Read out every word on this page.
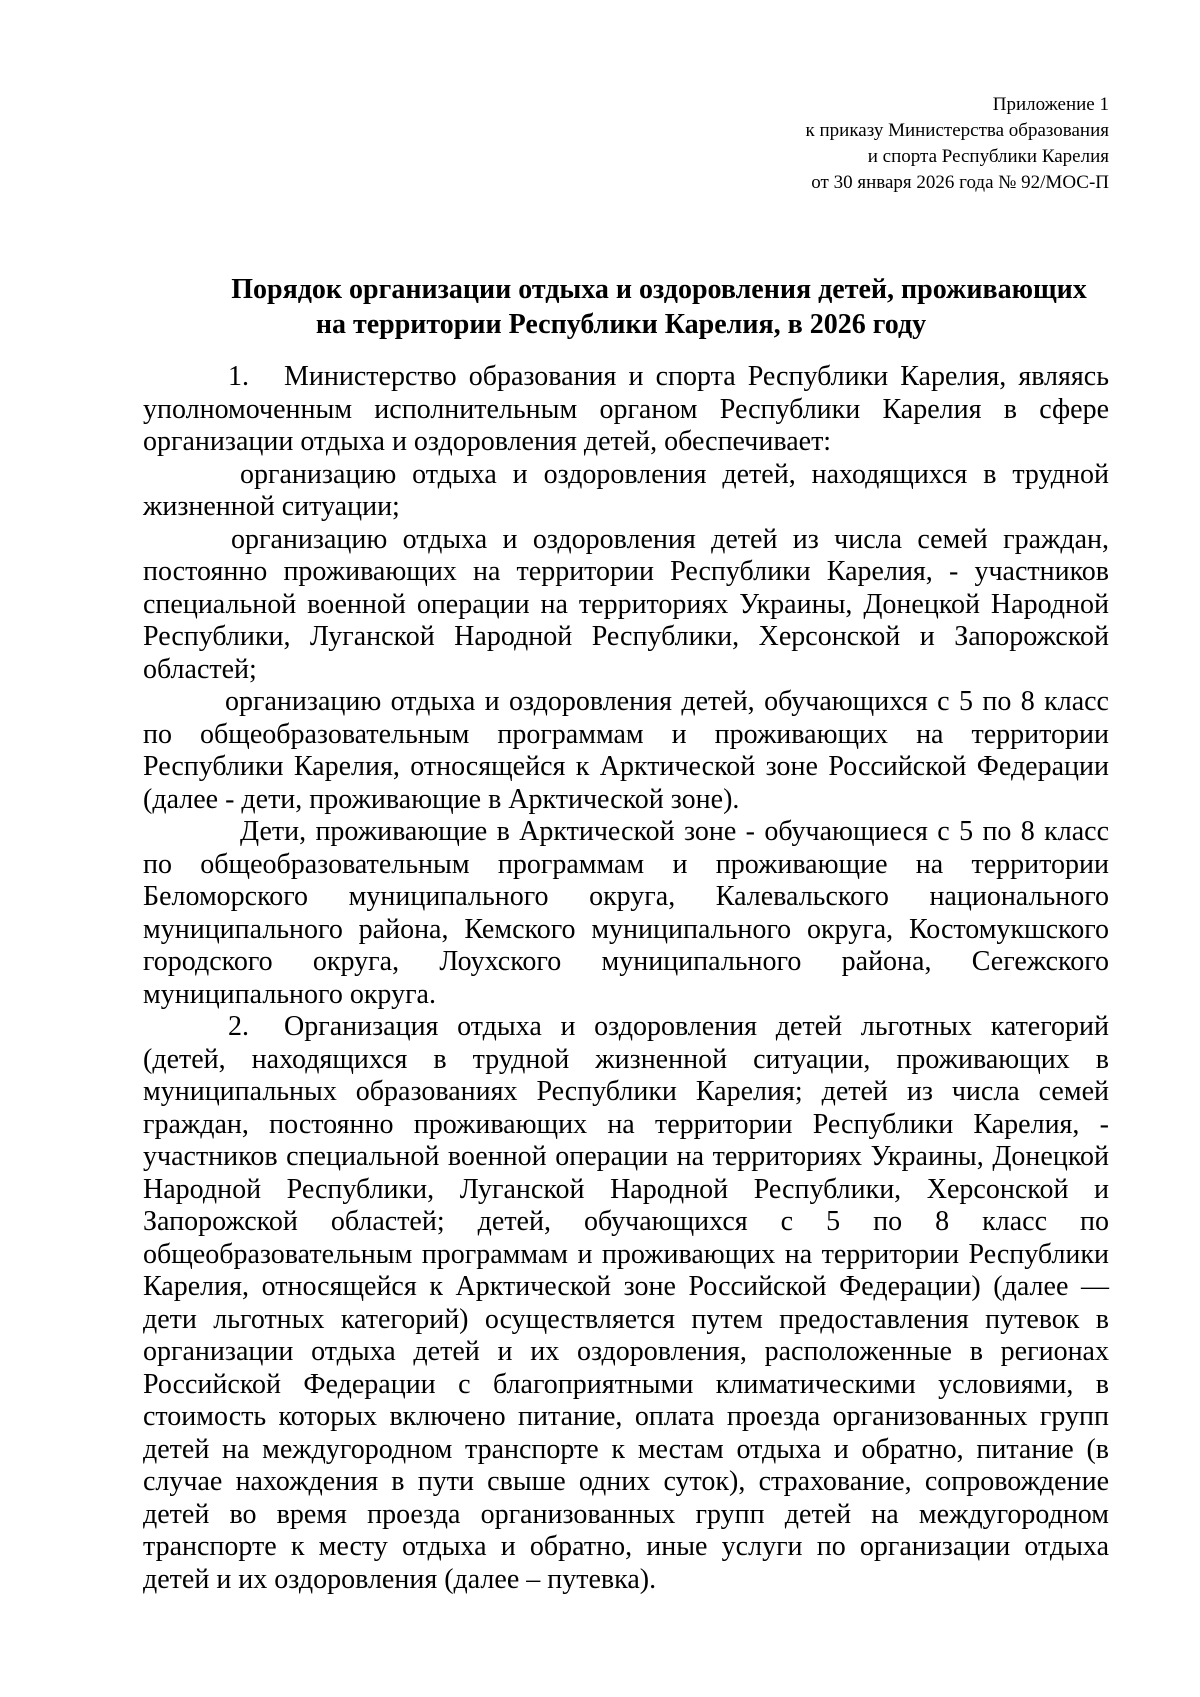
Приложение 1
к приказу Министерства образования
и спорта Республики Карелия
от 30 января 2026 года № 92/МОС-П
Порядок организации отдыха и оздоровления детей, проживающих
на территории Республики Карелия, в 2026 году

1. Министерство образования и спорта Республики Карелия, являясь уполномоченным исполнительным органом Республики Карелия в сфере организации отдыха и оздоровления детей, обеспечивает:

организацию отдыха и оздоровления детей, находящихся в трудной жизненной ситуации;

организацию отдыха и оздоровления детей из числа семей граждан, постоянно проживающих на территории Республики Карелия, - участников специальной военной операции на территориях Украины, Донецкой Народной Республики, Луганской Народной Республики, Херсонской и Запорожской областей;

организацию отдыха и оздоровления детей, обучающихся с 5 по 8 класс по общеобразовательным программам и проживающих на территории Республики Карелия, относящейся к Арктической зоне Российской Федерации (далее - дети, проживающие в Арктической зоне).

Дети, проживающие в Арктической зоне - обучающиеся с 5 по 8 класс по общеобразовательным программам и проживающие на территории Беломорского муниципального округа, Калевальского национального муниципального района, Кемского муниципального округа, Костомукшского городского округа, Лоухского муниципального района, Сегежского муниципального округа.

2. Организация отдыха и оздоровления детей льготных категорий (детей, находящихся в трудной жизненной ситуации, проживающих в муниципальных образованиях Республики Карелия; детей из числа семей граждан, постоянно проживающих на территории Республики Карелия, - участников специальной военной операции на территориях Украины, Донецкой Народной Республики, Луганской Народной Республики, Херсонской и Запорожской областей; детей, обучающихся с 5 по 8 класс по общеобразовательным программам и проживающих на территории Республики Карелия, относящейся к Арктической зоне Российской Федерации) (далее — дети льготных категорий) осуществляется путем предоставления путевок в организации отдыха детей и их оздоровления, расположенные в регионах Российской Федерации с благоприятными климатическими условиями, в стоимость которых включено питание, оплата проезда организованных групп детей на междугородном транспорте к местам отдыха и обратно, питание (в случае нахождения в пути свыше одних суток), страхование, сопровождение детей во время проезда организованных групп детей на междугородном транспорте к месту отдыха и обратно, иные услуги по организации отдыха детей и их оздоровления (далее – путевка).
